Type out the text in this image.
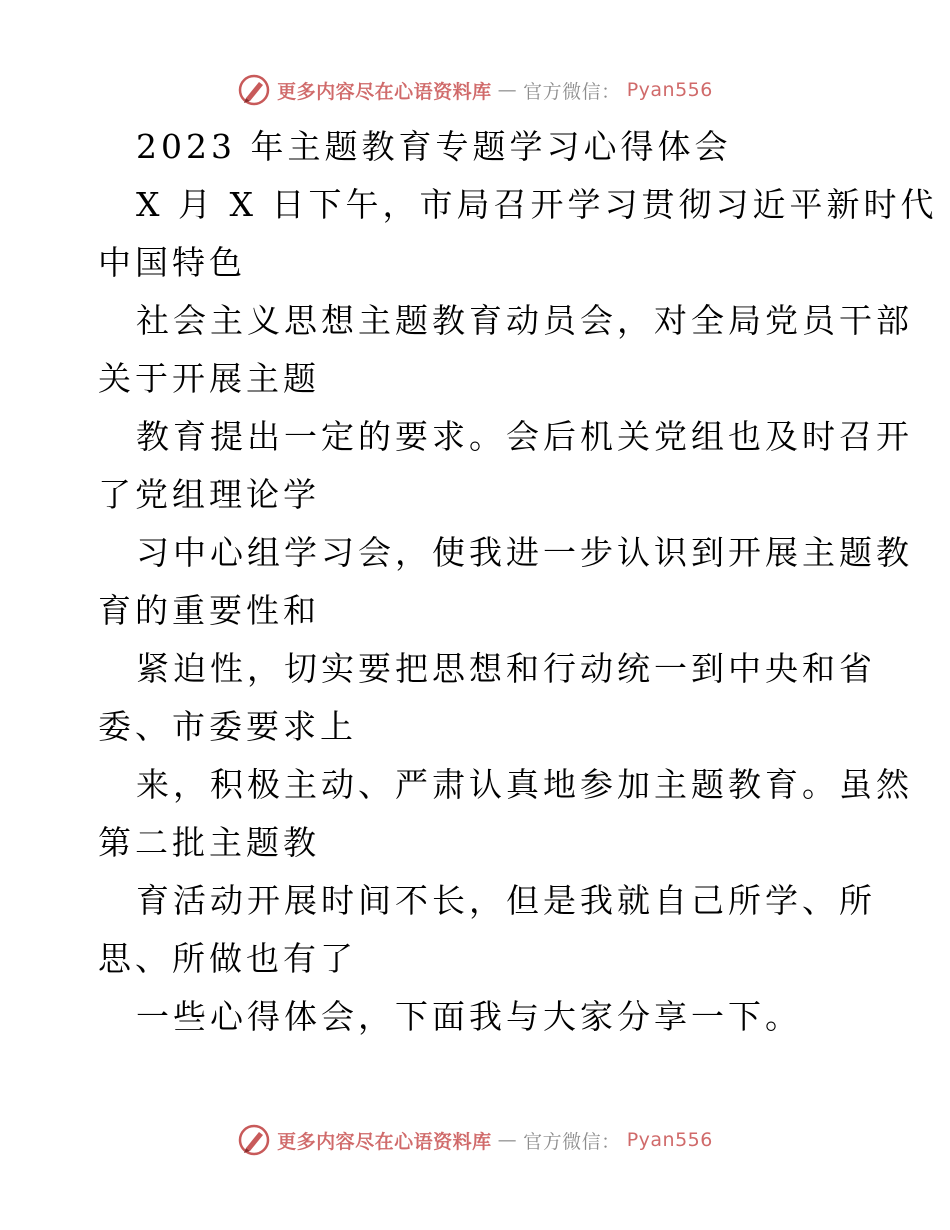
更多内容尽在心语资料库 — 官方微信： Pyan556
2023 年主题教育专题学习心得体会
X 月 X 日下午，市局召开学习贯彻习近平新时代
中国特色
社会主义思想主题教育动员会，对全局党员干部
关于开展主题
教育提出一定的要求。会后机关党组也及时召开
了党组理论学
习中心组学习会，使我进一步认识到开展主题教
育的重要性和
紧迫性，切实要把思想和行动统一到中央和省
委、市委要求上
来，积极主动、严肃认真地参加主题教育。虽然
第二批主题教
育活动开展时间不长，但是我就自己所学、所
思、所做也有了
一些心得体会，下面我与大家分享一下。
更多内容尽在心语资料库 — 官方微信： Pyan556
